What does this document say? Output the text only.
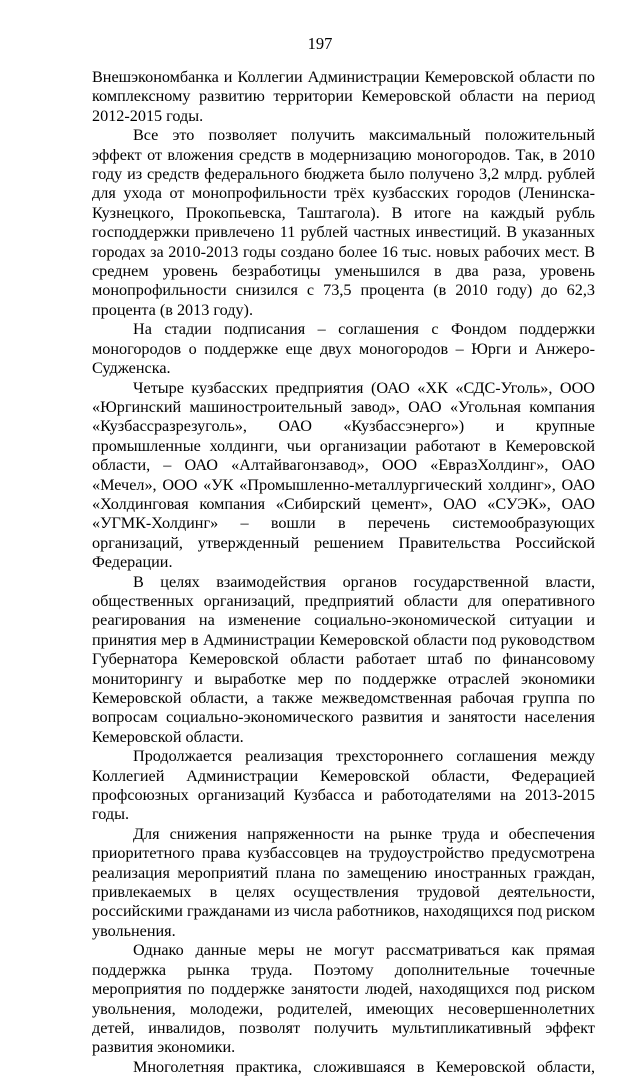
197

Внешэкономбанка и Коллегии Администрации Кемеровской области по комплексному развитию территории Кемеровской области на период 2012-2015 годы.

Все это позволяет получить максимальный положительный эффект от вложения средств в модернизацию моногородов. Так, в 2010 году из средств федерального бюджета было получено 3,2 млрд. рублей для ухода от монопрофильности трёх кузбасских городов (Ленинска-Кузнецкого, Прокопьевска, Таштагола). В итоге на каждый рубль господдержки привлечено 11 рублей частных инвестиций. В указанных городах за 2010-2013 годы создано более 16 тыс. новых рабочих мест. В среднем уровень безработицы уменьшился в два раза, уровень монопрофильности снизился с 73,5 процента (в 2010 году) до 62,3 процента (в 2013 году).

На стадии подписания – соглашения с Фондом поддержки моногородов о поддержке еще двух моногородов – Юрги и Анжеро-Судженска.

Четыре кузбасских предприятия (ОАО «ХК «СДС-Уголь», ООО «Юргинский машиностроительный завод», ОАО «Угольная компания «Кузбассразрезуголь», ОАО «Кузбассэнерго») и крупные промышленные холдинги, чьи организации работают в Кемеровской области, – ОАО «Алтайвагонзавод», ООО «ЕвразХолдинг», ОАО «Мечел», ООО «УК «Промышленно-металлургический холдинг», ОАО «Холдинговая компания «Сибирский цемент», ОАО «СУЭК», ОАО «УГМК-Холдинг» – вошли в перечень системообразующих организаций, утвержденный решением Правительства Российской Федерации.

В целях взаимодействия органов государственной власти, общественных организаций, предприятий области для оперативного реагирования на изменение социально-экономической ситуации и принятия мер в Администрации Кемеровской области под руководством Губернатора Кемеровской области работает штаб по финансовому мониторингу и выработке мер по поддержке отраслей экономики Кемеровской области, а также межведомственная рабочая группа по вопросам социально-экономического развития и занятости населения Кемеровской области.

Продолжается реализация трехстороннего соглашения между Коллегией Администрации Кемеровской области, Федерацией профсоюзных организаций Кузбасса и работодателями на 2013-2015 годы.

Для снижения напряженности на рынке труда и обеспечения приоритетного права кузбассовцев на трудоустройство предусмотрена реализация мероприятий плана по замещению иностранных граждан, привлекаемых в целях осуществления трудовой деятельности, российскими гражданами из числа работников, находящихся под риском увольнения.

Однако данные меры не могут рассматриваться как прямая поддержка рынка труда. Поэтому дополнительные точечные мероприятия по поддержке занятости людей, находящихся под риском увольнения, молодежи, родителей, имеющих несовершеннолетних детей, инвалидов, позволят получить мультипликативный эффект развития экономики.

Многолетняя практика, сложившаяся в Кемеровской области,
